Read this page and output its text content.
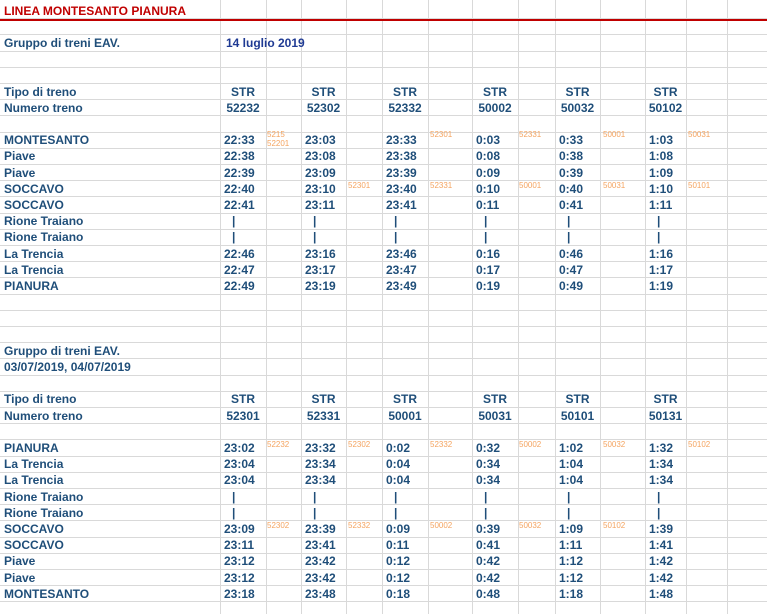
LINEA MONTESANTO PIANURA
Gruppo di treni EAV.	14 luglio 2019
Tipo di treno
Numero treno
STR	STR	STR	STR	STR	STR
52232	52302	52332	50002	50032	50102
MONTESANTO	22:33	23:03	23:33	0:03	0:33	1:03
Piave	22:38	23:08	23:38	0:08	0:38	1:08
Piave	22:39	23:09	23:39	0:09	0:39	1:09
SOCCAVO	22:40	23:10	23:40	0:10	0:40	1:10
SOCCAVO	22:41	23:11	23:41	0:11	0:41	1:11
Rione Traiano	|	|	|	|	|	|
Rione Traiano	|	|	|	|	|	|
La Trencia	22:46	23:16	23:46	0:16	0:46	1:16
La Trencia	22:47	23:17	23:47	0:17	0:47	1:17
PIANURA	22:49	23:19	23:49	0:19	0:49	1:19
5215
52201
52301	52331	50001	50031
52301	52331	50001	50031	50101
Gruppo di treni EAV.
03/07/2019, 04/07/2019
Tipo di treno
Numero treno
STR	STR	STR	STR	STR	STR
52301	52331	50001	50031	50101	50131
PIANURA	23:02	23:32	0:02	0:32	1:02	1:32
La Trencia	23:04	23:34	0:04	0:34	1:04	1:34
La Trencia	23:04	23:34	0:04	0:34	1:04	1:34
Rione Traiano	|	|	|	|	|	|
Rione Traiano	|	|	|	|	|	|
SOCCAVO	23:09	23:39	0:09	0:39	1:09	1:39
SOCCAVO	23:11	23:41	0:11	0:41	1:11	1:41
Piave	23:12	23:42	0:12	0:42	1:12	1:42
Piave	23:12	23:42	0:12	0:42	1:12	1:42
MONTESANTO	23:18	23:48	0:18	0:48	1:18	1:48
52232	52302	52332	50002	50032	50102
52302	52332	50002	50032	50102
